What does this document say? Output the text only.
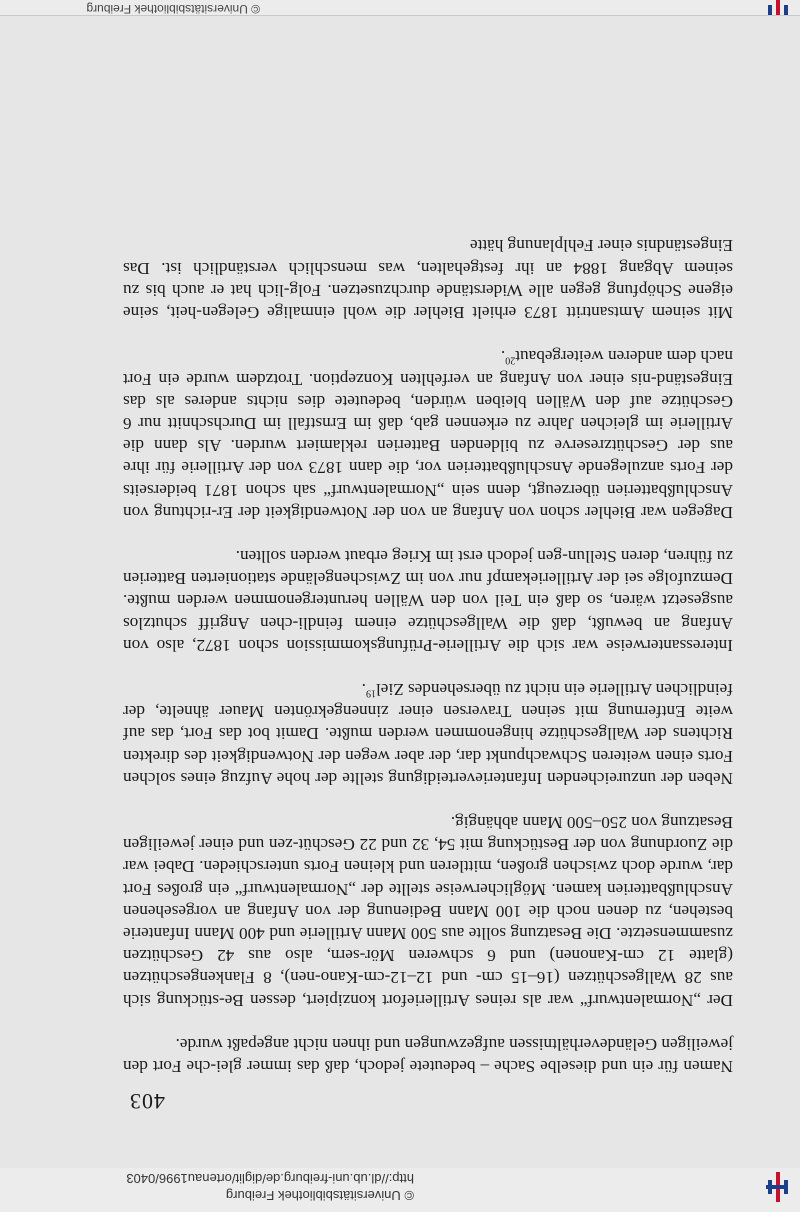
© Universitätsbibliothek Freiburg
http://dl.ub.uni-freiburg.de/diglit/ortenau1996/0403
403

Namen für ein und dieselbe Sache – bedeutete jedoch, daß das immer glei-che Fort den jeweiligen Geländeverhältnissen aufgezwungen und ihnen nicht angepaßt wurde.

Der „Normalentwurf“ war als reines Artilleriefort konzipiert, dessen Be-stückung sich aus 28 Wallgeschützen (16–15 cm- und 12–12-cm-Kano-nen), 8 Flankengeschützen (glatte 12 cm-Kanonen) und 6 schweren Mör-sern, also aus 42 Geschützen zusammensetzte. Die Besatzung sollte aus 500 Mann Artillerie und 400 Mann Infanterie bestehen, zu denen noch die 100 Mann Bedienung der von Anfang an vorgesehenen Anschlußbatterien kamen. Möglicherweise stellte der „Normalentwurf“ ein großes Fort dar, wurde doch zwischen großen, mittleren und kleinen Forts unterschieden. Dabei war die Zuordnung von der Bestückung mit 54, 32 und 22 Geschüt-zen und einer jeweiligen Besatzung von 250–500 Mann abhängig.

Neben der unzureichenden Infanterieverteidigung stellte der hohe Aufzug eines solchen Forts einen weiteren Schwachpunkt dar, der aber wegen der Notwendigkeit des direkten Richtens der Wallgeschütze hingenommen werden mußte. Damit bot das Fort, das auf weite Entfernung mit seinen Traversen einer zinnengekrönten Mauer ähnelte, der feindlichen Artillerie ein nicht zu übersehendes Ziel$^{19}$.

Interessanterweise war sich die Artillerie-Prüfungskommission schon 1872, also von Anfang an bewußt, daß die Wallgeschütze einem feindli-chen Angriff schutzlos ausgesetzt wären, so daß ein Teil von den Wällen heruntergenommen werden mußte. Demzufolge sei der Artilleriekampf nur von im Zwischengelände stationierten Batterien zu führen, deren Stellun-gen jedoch erst im Krieg erbaut werden sollten.

Dagegen war Biehler schon von Anfang an von der Notwendigkeit der Er-richtung von Anschlußbatterien überzeugt, denn sein „Normalentwurf“ sah schon 1871 beiderseits der Forts anzulegende Anschlußbatterien vor, die dann 1873 von der Artillerie für ihre aus der Geschützreserve zu bildenden Batterien reklamiert wurden. Als dann die Artillerie im gleichen Jahre zu erkennen gab, daß im Ernstfall im Durchschnitt nur 6 Geschütze auf den Wällen bleiben würden, bedeutete dies nichts anderes als das Eingeständ-nis einer von Anfang an verfehlten Konzeption. Trotzdem wurde ein Fort nach dem anderen weitergebaut$^{20}$.

Mit seinem Amtsantritt 1873 erhielt Biehler die wohl einmalige Gelegen-heit, seine eigene Schöpfung gegen alle Widerstände durchzusetzen. Folg-lich hat er auch bis zu seinem Abgang 1884 an ihr festgehalten, was menschlich verständlich ist. Das Eingeständnis einer Fehlplanung hätte

© Universitätsbibliothek Freiburg
